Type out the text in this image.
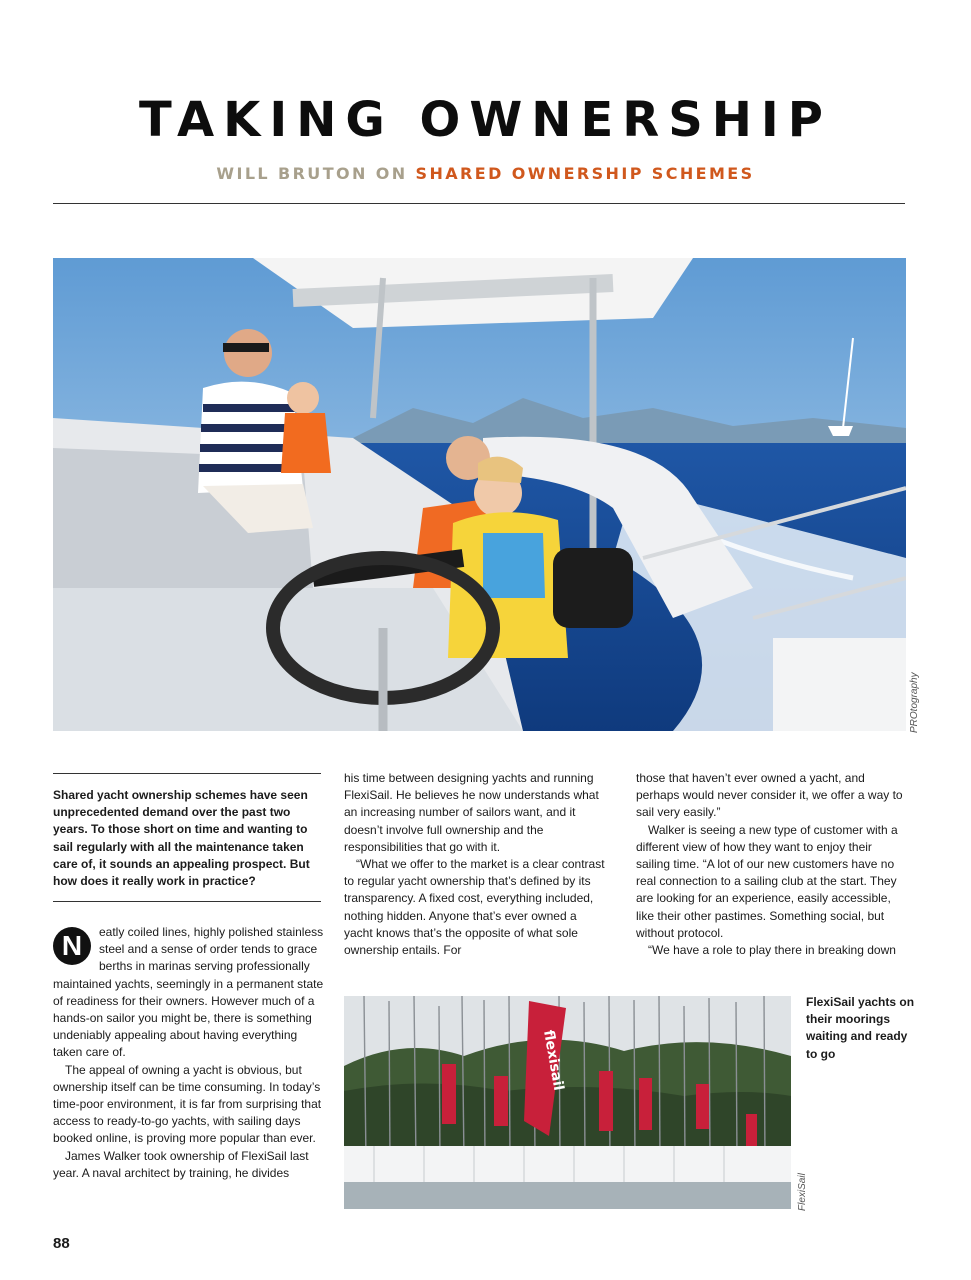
TAKING OWNERSHIP
WILL BRUTON ON SHARED OWNERSHIP SCHEMES
PROtography
Shared yacht ownership schemes have seen unprecedented demand over the past two years. To those short on time and wanting to sail regularly with all the maintenance taken care of, it sounds an appealing prospect. But how does it really work in practice?

N	eatly coiled lines, highly polished stainless steel and a sense of order tends to grace berths in marinas serving professionally maintained yachts, seemingly in a permanent state of readiness for their owners. However much of a hands-on sailor you might be, there is something undeniably appealing about having everything taken care of.

The appeal of owning a yacht is obvious, but ownership itself can be time consuming. In today’s time-poor environment, it is far from surprising that access to ready-to-go yachts, with sailing days booked online, is proving more popular than ever.

James Walker took ownership of FlexiSail last year. A naval architect by training, he divides

his time between designing yachts and running FlexiSail. He believes he now understands what an increasing number of sailors want, and it doesn’t involve full ownership and the responsibilities that go with it.

“What we offer to the market is a clear contrast to regular yacht ownership that’s defined by its transparency. A fixed cost, everything included, nothing hidden. Anyone that’s ever owned a yacht knows that’s the opposite of what sole ownership entails. For

those that haven’t ever owned a yacht, and perhaps would never consider it, we offer a way to sail very easily.”

Walker is seeing a new type of customer with a different view of how they want to enjoy their sailing time. “A lot of our new customers have no real connection to a sailing club at the start. They are looking for an experience, easily accessible, like their other pastimes. Something social, but without protocol.

“We have a role to play there in breaking down

flexisail
FlexiSail
FlexiSail yachts on their moorings waiting and ready to go
88
